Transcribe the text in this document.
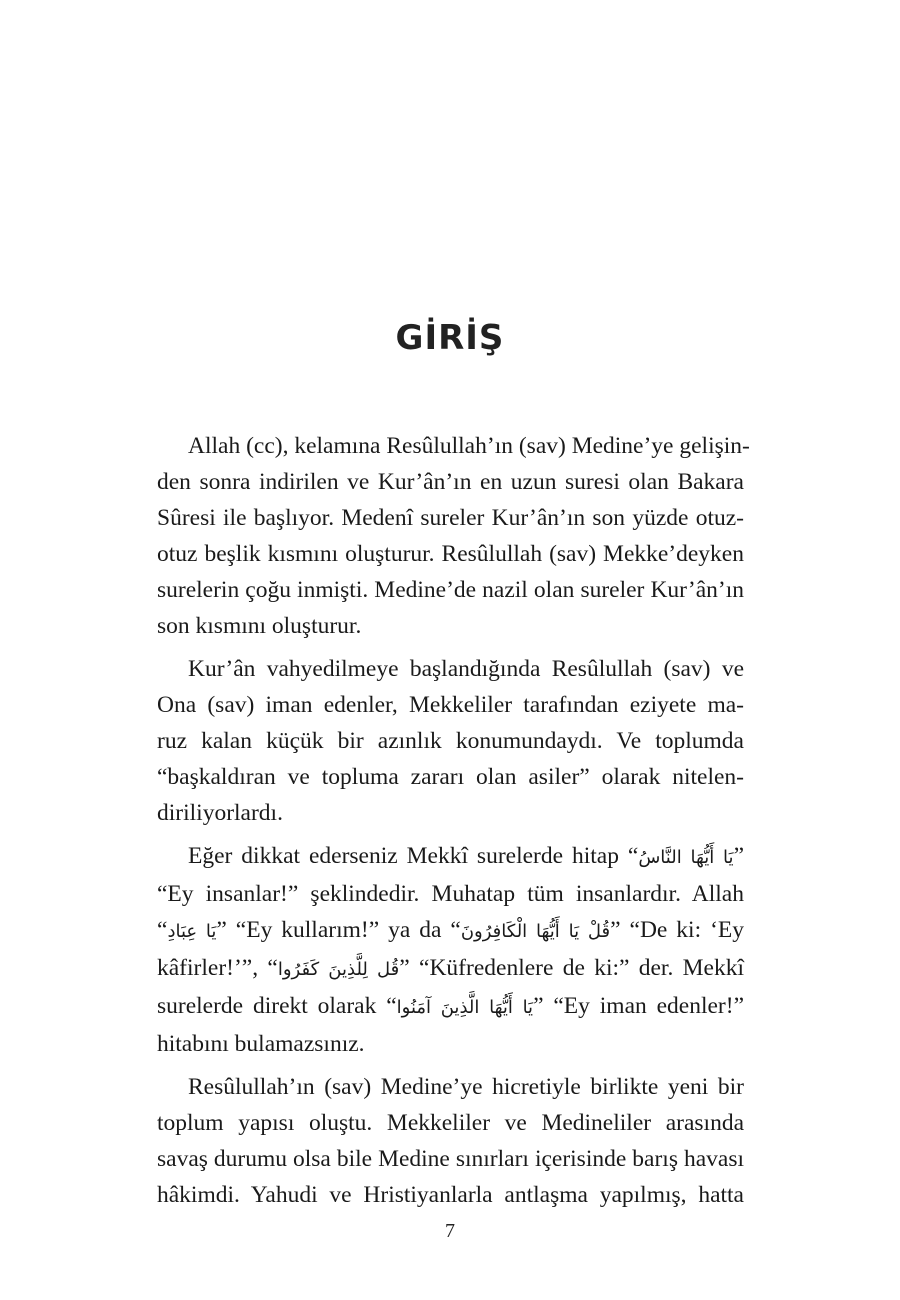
GİRİŞ

Allah (cc), kelamına Resûlullah’ın (sav) Medine’ye gelişin-
den sonra indirilen ve Kur’ân’ın en uzun suresi olan Bakara
Sûresi ile başlıyor. Medenî sureler Kur’ân’ın son yüzde otuz-
otuz beşlik kısmını oluşturur. Resûlullah (sav) Mekke’deyken
surelerin çoğu inmişti. Medine’de nazil olan sureler Kur’ân’ın
son kısmını oluşturur.

Kur’ân vahyedilmeye başlandığında Resûlullah (sav) ve
Ona (sav) iman edenler, Mekkeliler tarafından eziyete ma-
ruz kalan küçük bir azınlık konumundaydı. Ve toplumda
“başkaldıran ve topluma zararı olan asiler” olarak nitelen-
diriliyorlardı.

Eğer dikkat ederseniz Mekkî surelerde hitap “يَا أَيُّهَا النَّاسُ”
“Ey insanlar!” şeklindedir. Muhatap tüm insanlardır. Allah
“يَا عِبَادِ” “Ey kullarım!” ya da “قُلْ يَا أَيُّهَا الْكَافِرُونَ” “De ki: ‘Ey
kâfirler!’”, “قُل لِلَّذِينَ كَفَرُوا” “Küfredenlere de ki:” der. Mekkî
surelerde direkt olarak “يَا أَيُّهَا الَّذِينَ آمَنُوا” “Ey iman edenler!”
hitabını bulamazsınız.

Resûlullah’ın (sav) Medine’ye hicretiyle birlikte yeni bir
toplum yapısı oluştu. Mekkeliler ve Medineliler arasında
savaş durumu olsa bile Medine sınırları içerisinde barış havası
hâkimdi. Yahudi ve Hristiyanlarla antlaşma yapılmış, hatta

7
